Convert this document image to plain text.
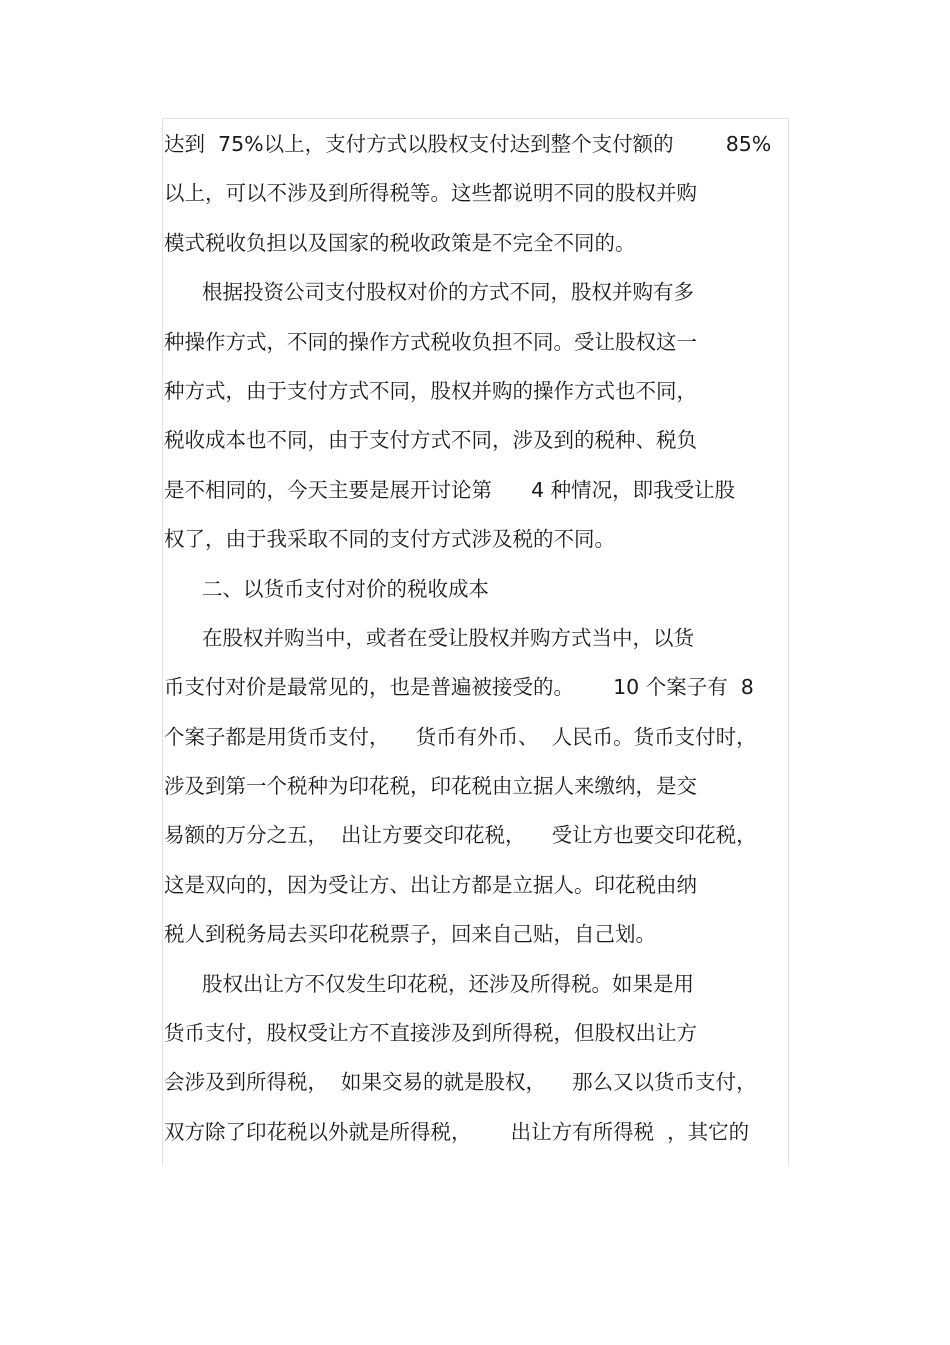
达到  75%以上，支付方式以股权支付达到整个支付额的        85%
以上，可以不涉及到所得税等。这些都说明不同的股权并购
模式税收负担以及国家的税收政策是不完全不同的。
根据投资公司支付股权对价的方式不同，股权并购有多
种操作方式，不同的操作方式税收负担不同。受让股权这一
种方式，由于支付方式不同，股权并购的操作方式也不同，
税收成本也不同，由于支付方式不同，涉及到的税种、税负
是不相同的，今天主要是展开讨论第      4 种情况，即我受让股
权了，由于我采取不同的支付方式涉及税的不同。
二、以货币支付对价的税收成本
在股权并购当中，或者在受让股权并购方式当中，以货
币支付对价是最常见的，也是普遍被接受的。      10 个案子有  8
个案子都是用货币支付，    货币有外币、  人民币。货币支付时，
涉及到第一个税种为印花税，印花税由立据人来缴纳，是交
易额的万分之五，  出让方要交印花税，    受让方也要交印花税，
这是双向的，因为受让方、出让方都是立据人。印花税由纳
税人到税务局去买印花税票子，回来自己贴，自己划。
股权出让方不仅发生印花税，还涉及所得税。如果是用
货币支付，股权受让方不直接涉及到所得税，但股权出让方
会涉及到所得税，  如果交易的就是股权，    那么又以货币支付，
双方除了印花税以外就是所得税，      出让方有所得税  ，其它的
